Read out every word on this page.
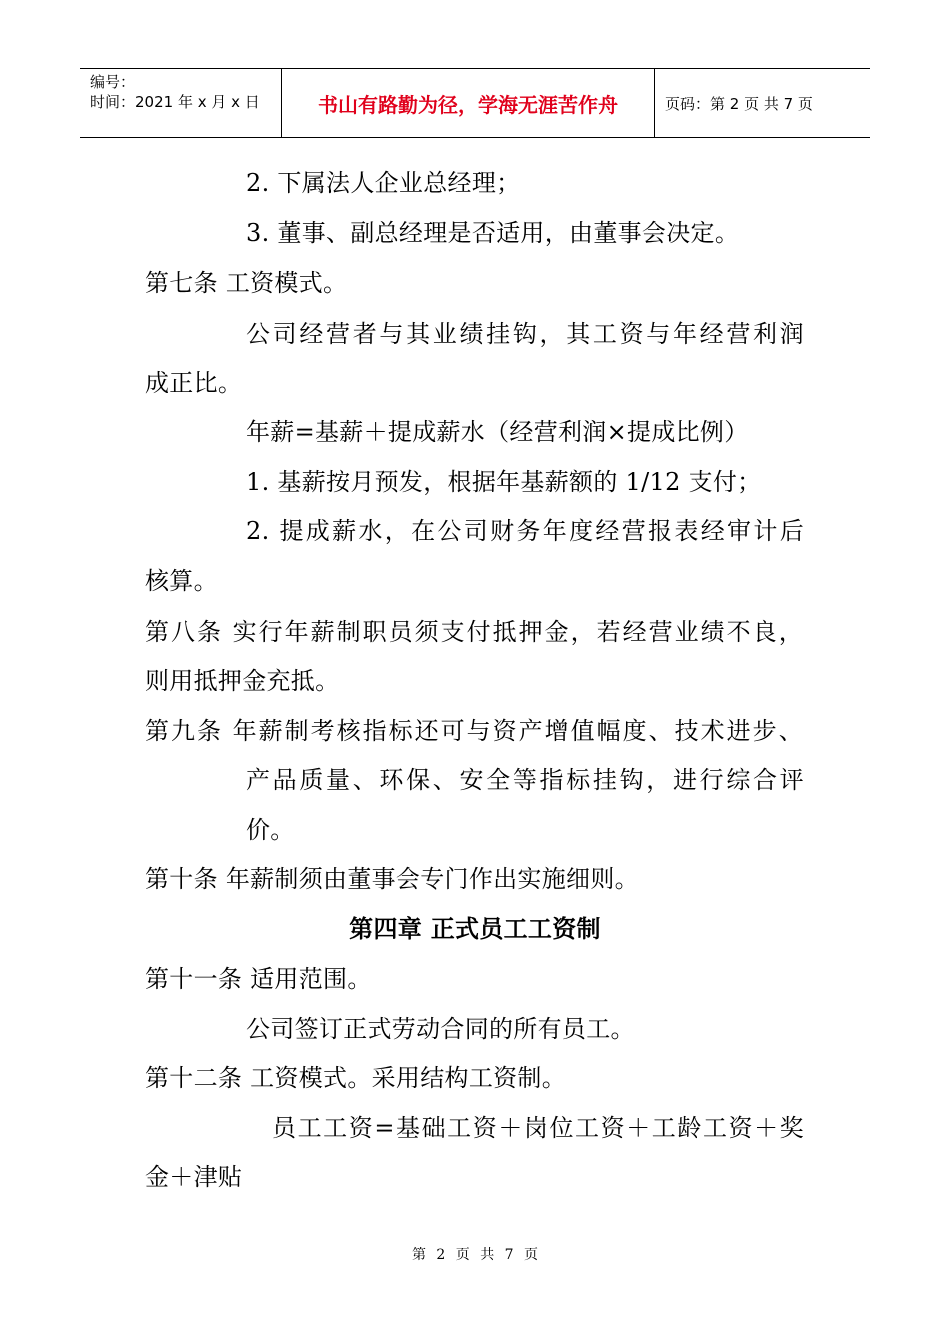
编号：
时间：2021 年 x 月 x 日	书山有路勤为径，学海无涯苦作舟	页码：第 2 页 共 7 页
2. 下属法人企业总经理；
3. 董事、副总经理是否适用，由董事会决定。
第七条 工资模式。
公司经营者与其业绩挂钩，其工资与年经营利润
成正比。
年薪=基薪＋提成薪水（经营利润×提成比例）
1. 基薪按月预发，根据年基薪额的 1/12 支付；
2. 提成薪水，在公司财务年度经营报表经审计后
核算。
第八条 实行年薪制职员须支付抵押金，若经营业绩不良，
则用抵押金充抵。
第九条 年薪制考核指标还可与资产增值幅度、技术进步、
产品质量、环保、安全等指标挂钩，进行综合评
价。
第十条 年薪制须由董事会专门作出实施细则。
第四章 正式员工工资制
第十一条 适用范围。
公司签订正式劳动合同的所有员工。
第十二条 工资模式。采用结构工资制。
员工工资=基础工资＋岗位工资＋工龄工资＋奖
金＋津贴
第 2 页 共 7 页
